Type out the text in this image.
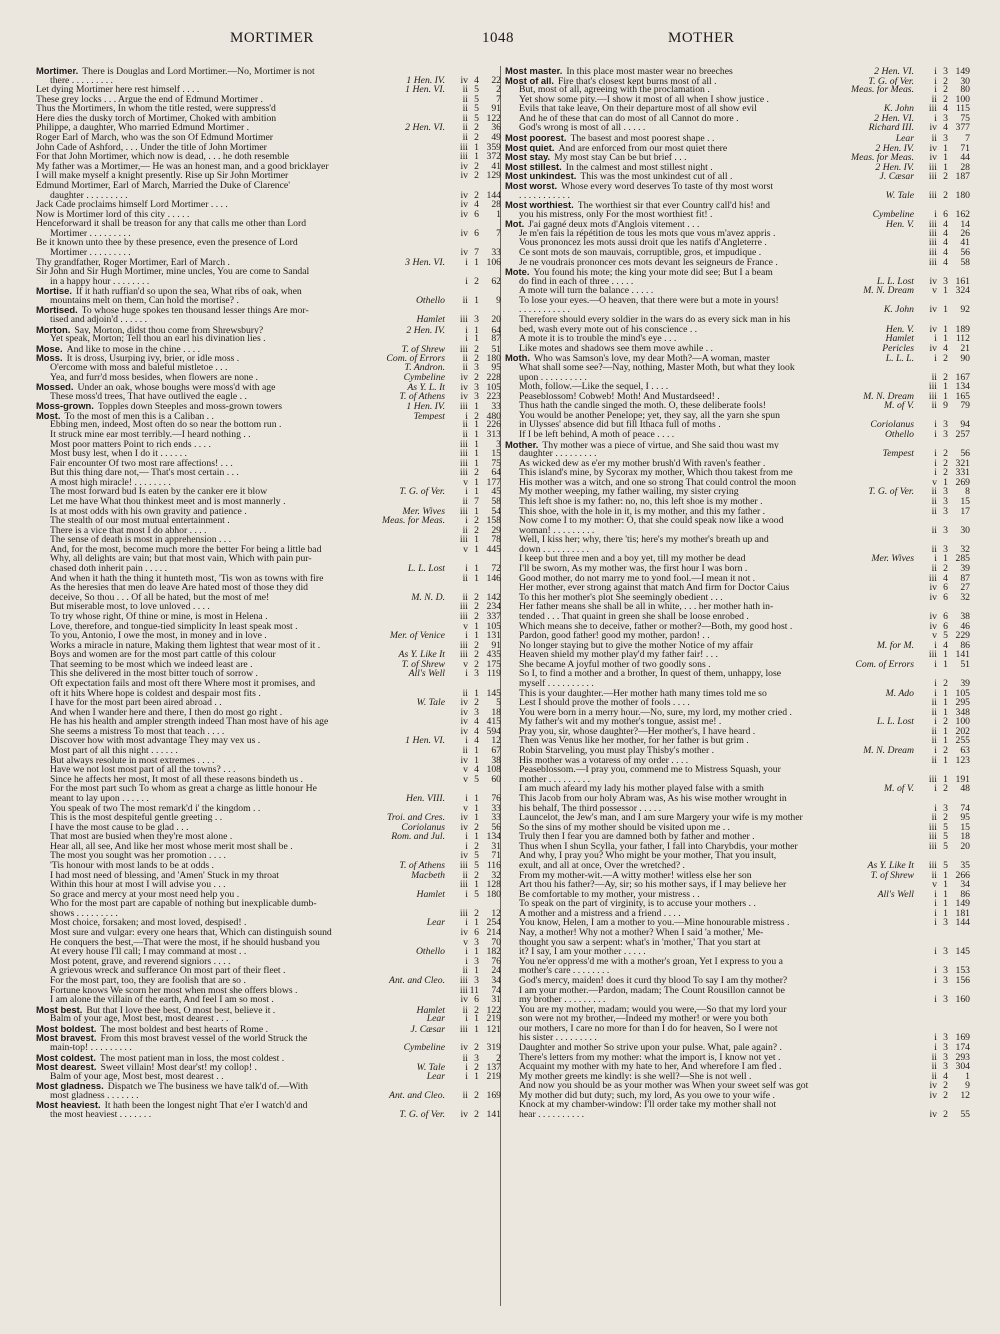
MORTIMER	1048	MOTHER
Mortimer. There is Douglas and Lord Mortimer.—No, Mortimer is not
there . . . . . . . . .	1 Hen. IV.	iv 4	22
Let dying Mortimer here rest himself . . . .	1 Hen. VI.	ii 5	2
These grey locks . . . Argue the end of Edmund Mortimer .	ii 5	7
Thus the Mortimers, In whom the title rested, were suppress'd	ii 5	91
Here dies the dusky torch of Mortimer, Choked with ambition	ii 5 122
Philippe, a daughter, Who married Edmund Mortimer .	2 Hen. VI.	ii 2	36
Roger Earl of March, who was the son Of Edmund Mortimer	ii 2	49
John Cade of Ashford, . . . Under the title of John Mortimer	iii 1 359
For that John Mortimer, which now is dead, . . . he doth resemble	iii 1 372
My father was a Mortimer,— He was an honest man, and a good bricklayer	iv 2	41
I will make myself a knight presently. Rise up Sir John Mortimer	iv 2 129
Edmund Mortimer, Earl of March, Married the Duke of Clarence'
daughter . . . . . . . . .	iv 2 144
Jack Cade proclaims himself Lord Mortimer . . . .	iv 4	28
Now is Mortimer lord of this city . . . . .	iv 6	1
Henceforward it shall be treason for any that calls me other than Lord
Mortimer . . . . . . . . .	iv 6	7
Be it known unto thee by these presence, even the presence of Lord
Mortimer . . . . . . . . .	iv 7	33
Thy grandfather, Roger Mortimer, Earl of March .	3 Hen. VI.	i 1 106
Sir John and Sir Hugh Mortimer, mine uncles, You are come to Sandal
in a happy hour . . . . . . . .	i 2	62
Mortise. If it hath ruffian'd so upon the sea, What ribs of oak, when
mountains melt on them, Can hold the mortise? .	Othello	ii 1	9
Mortised. To whose huge spokes ten thousand lesser things Are mor-
tised and adjoin'd . . . . . .	Hamlet	iii 3	20
Morton. Say, Morton, didst thou come from Shrewsbury?	2 Hen. IV.	i 1	64
Yet speak, Morton; Tell thou an earl his divination lies .	i 1	87
Mose. And like to mose in the chine . . . .	T. of Shrew	iii 2	51
Moss. It is dross, Usurping ivy, brier, or idle moss .	Com. of Errors	ii 2 180
O'ercome with moss and baleful mistletoe . . .	T. Andron.	ii 3	95
Yea, and furr'd moss besides, when flowers are none .	Cymbeline	iv 2 228
Mossed. Under an oak, whose boughs were moss'd with age	As Y. L. It	iv 3 105
These moss'd trees, That have outlived the eagle . .	T. of Athens	iv 3 223
Moss-grown. Topples down Steeples and moss-grown towers	1 Hen. IV.	iii 1	33
Most. To the most of men this is a Caliban . .	Tempest	i 2 480
Ebbing men, indeed, Most often do so near the bottom run .	ii 1 226
It struck mine ear most terribly.—I heard nothing . .	ii 1 313
Most poor matters Point to rich ends . . . .	iii 1	3
Most busy lest, when I do it . . . . . .	iii 1	15
Fair encounter Of two most rare affections! . . .	iii 1	75
But this thing dare not,— That's most certain . . .	iii 2	64
A most high miracle! . . . . . . . .	v 1 177
The most forward bud Is eaten by the canker ere it blow	T. G. of Ver.	i 1	45
Let me have What thou thinkest meet and is most mannerly .	ii 7	58
Is at most odds with his own gravity and patience .	Mer. Wives	iii 1	54
The stealth of our most mutual entertainment .	Meas. for Meas.	i 2 158
There is a vice that most I do abhor . . . .	ii 2	29
The sense of death is most in apprehension . . .	iii 1	78
And, for the most, become much more the better For being a little bad	v 1 445
Why, all delights are vain; but that most vain, Which with pain pur-
chased doth inherit pain . . . . .	L. L. Lost	i 1	72
And when it hath the thing it hunteth most, 'Tis won as towns with fire	ii 1 146
As the heresies that men do leave Are hated most of those they did
deceive, So thou . . . Of all be hated, but the most of me!	M. N. D.	ii 2 142
But miserable most, to love unloved . . . .	iii 2 234
To try whose right, Of thine or mine, is most in Helena .	iii 2 337
Love, therefore, and tongue-tied simplicity In least speak most .	v 1 105
To you, Antonio, I owe the most, in money and in love .	Mer. of Venice	i 1 131
Works a miracle in nature, Making them lightest that wear most of it .	iii 2	91
Boys and women are for the most part cattle of this colour	As Y. Like It	iii 2 435
That seeming to be most which we indeed least are .	T. of Shrew	v 2 175
This she delivered in the most bitter touch of sorrow .	All's Well	i 3 119
Oft expectation fails and most oft there Where most it promises, and
oft it hits Where hope is coldest and despair most fits .	ii 1 145
I have for the most part been aired abroad . .	W. Tale	iv 2	5
And when I wander here and there, I then do most go right .	iv 3	18
He has his health and ampler strength indeed Than most have of his age	iv 4 415
She seems a mistress To most that teach . . . .	iv 4 594
Discover how with most advantage They may vex us .	1 Hen. VI.	i 4	12
Most part of all this night . . . . . .	ii 1	67
But always resolute in most extremes . . . .	iv 1	38
Have we not lost most part of all the towns? . . .	v 4 108
Since he affects her most, It most of all these reasons bindeth us .	v 5	60
For the most part such To whom as great a charge as little honour He
meant to lay upon . . . . . .	Hen. VIII.	i 1	76
You speak of two The most remark'd i' the kingdom . .	v 1	33
This is the most despiteful gentle greeting . .	Troi. and Cres.	iv 1	33
I have the most cause to be glad . . .	Coriolanus	iv 2	56
That most are busied when they're most alone .	Rom. and Jul.	i 1 134
Hear all, all see, And like her most whose merit most shall be .	i 2	31
The most you sought was her promotion . . . .	iv 5	71
'Tis honour with most lands to be at odds .	T. of Athens	iii 5 116
I had most need of blessing, and 'Amen' Stuck in my throat	Macbeth	ii 2	32
Within this hour at most I will advise you . . .	iii 1 128
So grace and mercy at your most need help you .	Hamlet	i 5 180
Who for the most part are capable of nothing but inexplicable dumb-
shows . . . . . . . . .	iii 2	12
Most choice, forsaken; and most loved, despised! .	Lear	i 1 254
Most sure and vulgar: every one hears that, Which can distinguish sound	iv 6 214
He conquers the best,—That were the most, if he should husband you	v 3	70
At every house I'll call; I may command at most . .	Othello	i 1 182
Most potent, grave, and reverend signiors . . . .	i 3	76
A grievous wreck and sufferance On most part of their fleet .	ii 1	24
For the most part, too, they are foolish that are so .	Ant. and Cleo.	iii 3	34
Fortune knows We scorn her most when most she offers blows .	iii 11	74
I am alone the villain of the earth, And feel I am so most .	iv 6	31
Most best. But that I love thee best, O most best, believe it .	Hamlet	ii 2 122
Balm of your age, Most best, most dearest . . .	Lear	i 1 219
Most boldest. The most boldest and best hearts of Rome .	J. Cæsar	iii 1 121
Most bravest. From this most bravest vessel of the world Struck the
main-top! . . . . . . . . .	Cymbeline	iv 2 319
Most coldest. The most patient man in loss, the most coldest .	ii 3	2
Most dearest. Sweet villain! Most dear'st! my collop! .	W. Tale	i 2 137
Balm of your age, Most best, most dearest . .	Lear	i 1 219
Most gladness. Dispatch we The business we have talk'd of.—With
most gladness . . . . . . .	Ant. and Cleo.	ii 2 169
Most heaviest. It hath been the longest night That e'er I watch'd and
the most heaviest . . . . . . .	T. G. of Ver.	iv 2 141
Most master. In this place most master wear no breeches	2 Hen. VI.	i 3 149
Most of all. Fire that's closest kept burns most of all .	T. G. of Ver.	i 2	30
But, most of all, agreeing with the proclamation .	Meas. for Meas.	i 2	80
Yet show some pity.—I show it most of all when I show justice .	ii 2 100
Evils that take leave, On their departure most of all show evil	K. John	iii 4 115
And he of these that can do most of all Cannot do more .	2 Hen. VI.	i 3	75
God's wrong is most of all . . . . .	Richard III.	iv 4 377
Most poorest. The basest and most poorest shape . .	Lear	ii 3	7
Most quiet. And are enforced from our most quiet there	2 Hen. IV.	iv 1	71
Most stay. My most stay Can be but brief . . .	Meas. for Meas.	iv 1	44
Most stillest. In the calmest and most stillest night .	2 Hen. IV.	iii 1	28
Most unkindest. This was the most unkindest cut of all .	J. Cæsar	iii 2 187
Most worst. Whose every word deserves To taste of thy most worst
. . . . . . . . . . .	W. Tale	iii 2 180
Most worthiest. The worthiest sir that ever Country call'd his! and
you his mistress, only For the most worthiest fit! .	Cymbeline	i 6 162
Mot. J'ai gagné deux mots d'Anglois vitement . . .	Hen. V.	iii 4	14
Je m'en fais la répétition de tous les mots que vous m'avez appris .	iii 4	26
Vous prononcez les mots aussi droit que les natifs d'Angleterre .	iii 4	41
Ce sont mots de son mauvais, corruptible, gros, et impudique .	iii 4	56
Je ne voudrais prononcer ces mots devant les seigneurs de France .	iii 4	58
Mote. You found his mote; the king your mote did see; But I a beam
do find in each of three . . . . .	L. L. Lost	iv 3 161
A mote will turn the balance . . . . .	M. N. Dream	v 1 324
To lose your eyes.—O heaven, that there were but a mote in yours!
. . . . . . . . . . .	K. John	iv 1	92
Therefore should every soldier in the wars do as every sick man in his
bed, wash every mote out of his conscience . .	Hen. V.	iv 1 189
A mote it is to trouble the mind's eye . . .	Hamlet	i 1 112
Like motes and shadows see them move awhile . .	Pericles	iv 4	21
Moth. Who was Samson's love, my dear Moth?—A woman, master	L. L. L.	i 2	90
What shall some see?—Nay, nothing, Master Moth, but what they look
upon . . . . . . . . . .	ii 2 167
Moth, follow.—Like the sequel, I . . . .	iii 1 134
Peaseblossom! Cobweb! Moth! And Mustardseed! .	M. N. Dream	iii 1 165
Thus hath the candle singed the moth. O, these deliberate fools!	M. of V.	ii 9	79
You would be another Penelope; yet, they say, all the yarn she spun
in Ulysses' absence did but fill Ithaca full of moths .	Coriolanus	i 3	94
If I be left behind, A moth of peace . . . .	Othello	i 3 257
Mother. Thy mother was a piece of virtue, and She said thou wast my
daughter . . . . . . . . .	Tempest	i 2	56
As wicked dew as e'er my mother brush'd With raven's feather .	i 2 321
This island's mine, by Sycorax my mother, Which thou takest from me	i 2 331
His mother was a witch, and one so strong That could control the moon	v 1 269
My mother weeping, my father wailing, my sister crying	T. G. of Ver.	ii 3	8
This left shoe is my father: no, no, this left shoe is my mother .	ii 3	15
This shoe, with the hole in it, is my mother, and this my father .	ii 3	17
Now come I to my mother: O, that she could speak now like a wood
woman! . . . . . . . . .	ii 3	30
Well, I kiss her; why, there 'tis; here's my mother's breath up and
down . . . . . . . . . .	ii 3	32
I keep but three men and a boy yet, till my mother be dead	Mer. Wives	i 1 285
I'll be sworn, As my mother was, the first hour I was born .	ii 2	39
Good mother, do not marry me to yond fool.—I mean it not .	iii 4	87
Her mother, ever strong against that match And firm for Doctor Caius	iv 6	27
To this her mother's plot She seemingly obedient . . .	iv 6	32
Her father means she shall be all in white, . . . her mother hath in-
tended . . . That quaint in green she shall be loose enrobed .	iv 6	38
Which means she to deceive, father or mother?—Both, my good host .	iv 6	46
Pardon, good father! good my mother, pardon! . .	v 5 229
No longer staying but to give the mother Notice of my affair	M. for M.	i 4	86
Heaven shield my mother play'd my father fair! . . .	iii 1 141
She became A joyful mother of two goodly sons .	Com. of Errors	i 1	51
So I, to find a mother and a brother, In quest of them, unhappy, lose
myself . . . . . . . . . .	i 2	39
This is your daughter.—Her mother hath many times told me so	M. Ado	i 1 105
Lest I should prove the mother of fools . . . .	ii 1 295
You were born in a merry hour.—No, sure, my lord, my mother cried .	ii 1 348
My father's wit and my mother's tongue, assist me! .	L. L. Lost	i 2 100
Pray you, sir, whose daughter?—Her mother's, I have heard .	ii 1 202
Then was Venus like her mother, for her father is but grim .	ii 1 255
Robin Starveling, you must play Thisby's mother .	M. N. Dream	i 2	63
His mother was a votaress of my order . . . .	ii 1 123
Peaseblossom.—I pray you, commend me to Mistress Squash, your
mother . . . . . . . . .	iii 1 191
I am much afeard my lady his mother played false with a smith	M. of V.	i 2	48
This Jacob from our holy Abram was, As his wise mother wrought in
his behalf, The third possessor . . . . .	i 3	74
Launcelot, the Jew's man, and I am sure Margery your wife is my mother	ii 2	95
So the sins of my mother should be visited upon me . .	iii 5	15
Truly then I fear you are damned both by father and mother .	iii 5	18
Thus when I shun Scylla, your father, I fall into Charybdis, your mother	iii 5	20
And why, I pray you? Who might be your mother, That you insult,
exult, and all at once, Over the wretched? .	As Y. Like It	iii 5	35
From my mother-wit.—A witty mother! witless else her son	T. of Shrew	ii 1 266
Art thou his father?—Ay, sir; so his mother says, if I may believe her	v 1	34
Be comfortable to my mother, your mistress . .	All's Well	i 1	86
To speak on the part of virginity, is to accuse your mothers . .	i 1 149
A mother and a mistress and a friend . . . .	i 1 181
You know, Helen, I am a mother to you.—Mine honourable mistress .	i 3 144
Nay, a mother! Why not a mother? When I said 'a mother,' Me-
thought you saw a serpent: what's in 'mother,' That you start at
it? I say, I am your mother . . . . .	i 3 145
You ne'er oppress'd me with a mother's groan, Yet I express to you a
mother's care . . . . . . . .	i 3 153
God's mercy, maiden! does it curd thy blood To say I am thy mother?	i 3 156
I am your mother.—Pardon, madam; The Count Rousillon cannot be
my brother . . . . . . . . .	i 3 160
You are my mother, madam; would you were,—So that my lord your
son were not my brother,—Indeed my mother! or were you both
our mothers, I care no more for than I do for heaven, So I were not
his sister . . . . . . . . .	i 3 169
Daughter and mother So strive upon your pulse. What, pale again? .	i 3 174
There's letters from my mother: what the import is, I know not yet .	ii 3 293
Acquaint my mother with my hate to her, And wherefore I am fled .	ii 3 304
My mother greets me kindly: is she well?—She is not well .	ii 4	1
And now you should be as your mother was When your sweet self was got	iv 2	9
My mother did but duty; such, my lord, As you owe to your wife .	iv 2	12
Knock at my chamber-window: I'll order take my mother shall not
hear . . . . . . . . . .	iv 2	55
